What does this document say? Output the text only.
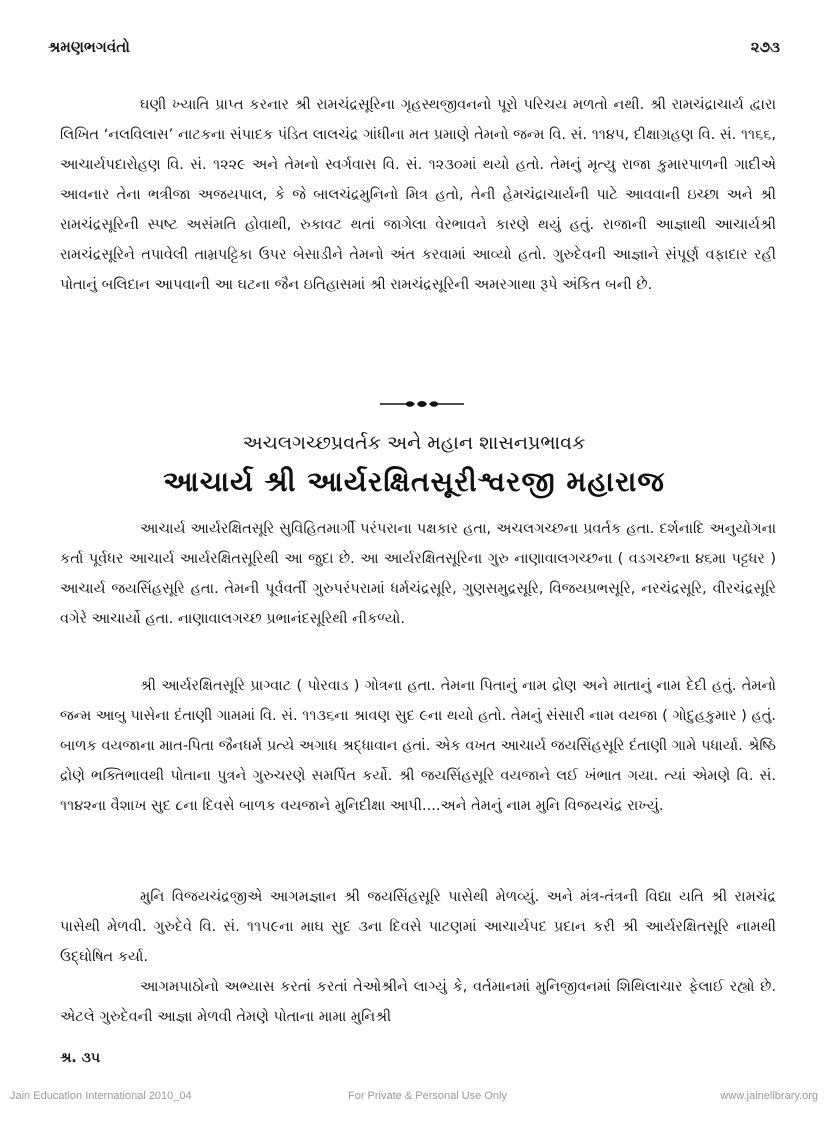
શ્રમણભગવંતો	૨૭૩

ઘણી ખ્યાતિ પ્રાપ્ત કરનાર શ્રી રામચંદ્રસૂરિના ગૃહસ્થજીવનનો પૂરો પરિચય મળતો નથી. શ્રી રામચંદ્રાચાર્ય દ્વારા લિખિત ‘નલવિલાસ’ નાટકના સંપાદક પંડિત લાલચંદ્ર ગાંધીના મત પ્રમાણે તેમનો જન્મ વિ. સં. ૧૧૪૫, દીક્ષાગ્રહણ વિ. સં. ૧૧૬૬, આચાર્યપદારોહણ વિ. સં. ૧૨૨૯ અને તેમનો સ્વર્ગવાસ વિ. સં. ૧૨૩૦માં થયો હતો. તેમનું મૃત્યુ રાજા કુમારપાળની ગાદીએ આવનાર તેના ભત્રીજા અજયપાલ, કે જે બાલચંદ્રમુનિનો મિત્ર હતો, તેની હેમચંદ્રાચાર્યની પાટે આવવાની ઇચ્છા અને શ્રી રામચંદ્રસૂરિની સ્પષ્ટ અસંમતિ હોવાથી, રુકાવટ થતાં જાગેલા વેરભાવને કારણે થયું હતું. રાજાની આજ્ઞાથી આચાર્યશ્રી રામચંદ્રસૂરિને તપાવેલી તામ્રપટ્ટિકા ઉપર બેસાડીને તેમનો અંત કરવામાં આવ્યો હતો. ગુરુદેવની આજ્ઞાને સંપૂર્ણ વફાદાર રહી પોતાનું બલિદાન આપવાની આ ઘટના જૈન ઇતિહાસમાં શ્રી રામચંદ્રસૂરિની અમરગાથા રૂપે અંકિત બની છે.

અચલગચ્છપ્રવર્તક અને મહાન શાસનપ્રભાવક
આચાર્ય શ્રી આર્યરક્ષિતસૂરીશ્વરજી મહારાજ

આચાર્ય આર્યરક્ષિતસૂરિ સુવિહિતમાર્ગી પરંપરાના પક્ષકાર હતા, અચલગચ્છના પ્રવર્તક હતા. દર્શનાદિ અનુયોગના કર્તા પૂર્વધર આચાર્ય આર્યરક્ષિતસૂરિથી આ જુદા છે. આ આર્યરક્ષિતસૂરિના ગુરુ નાણાવાલગચ્છના ( વડગચ્છના ૪૬મા પટ્ટધર ) આચાર્ય જયસિંહસૂરિ હતા. તેમની પૂર્વવર્તી ગુરુપરંપરામાં ધર્મચંદ્રસૂરિ, ગુણસમુદ્રસૂરિ, વિજયપ્રભસૂરિ, નરચંદ્રસૂરિ, વીરચંદ્રસૂરિ વગેરે આચાર્યો હતા. નાણાવાલગચ્છ પ્રભાનંદસૂરિથી નીકળ્યો.

શ્રી આર્યરક્ષિતસૂરિ પ્રાગ્વાટ ( પોરવાડ ) ગોત્રના હતા. તેમના પિતાનું નામ દ્રોણ અને માતાનું નામ દેદી હતું. તેમનો જન્મ આબુ પાસેના દંતાણી ગામમાં વિ. સં. ૧૧૩૬ના શ્રાવણ સુદ ૯ના થયો હતો. તેમનું સંસારી નામ વયજા ( ગોદુહકુમાર ) હતું. બાળક વયજાના માત-પિતા જૈનધર્મ પ્રત્યે અગાધ શ્રદ્ધાવાન હતાં. એક વખત આચાર્ય જયસિંહસૂરિ દંતાણી ગામે પધાર્યા. શ્રેષ્ઠિ દ્રોણે ભક્તિભાવથી પોતાના પુત્રને ગુરુચરણે સમર્પિત કર્યો. શ્રી જયસિંહસૂરિ વયજાને લઈ ખંભાત ગયા. ત્યાં એમણે વિ. સં. ૧૧૪૨ના વૈશાખ સુદ ૮ના દિવસે બાળક વયજાને મુનિદીક્ષા આપી....અને તેમનું નામ મુનિ વિજયચંદ્ર રાખ્યું.

મુનિ વિજયચંદ્રજીએ આગમજ્ઞાન શ્રી જયસિંહસૂરિ પાસેથી મેળવ્યું. અને મંત્ર-તંત્રની વિદ્યા યતિ શ્રી રામચંદ્ર પાસેથી મેળવી. ગુરુદેવે વિ. સં. ૧૧૫૯ના માઘ સુદ ૩ના દિવસે પાટણમાં આચાર્યપદ પ્રદાન કરી શ્રી આર્યરક્ષિતસૂરિ નામથી ઉદ્ઘોષિત કર્યા.

આગમપાઠોનો અભ્યાસ કરતાં કરતાં તેઓશ્રીને લાગ્યું કે, વર્તમાનમાં મુનિજીવનમાં શિથિલાચાર ફેલાઈ રહ્યો છે. એટલે ગુરુદેવની આજ્ઞા મેળવી તેમણે પોતાના મામા મુનિશ્રી

શ્ર. ૩૫
Jain Education International 2010_04	For Private & Personal Use Only	www.jainelibrary.org
